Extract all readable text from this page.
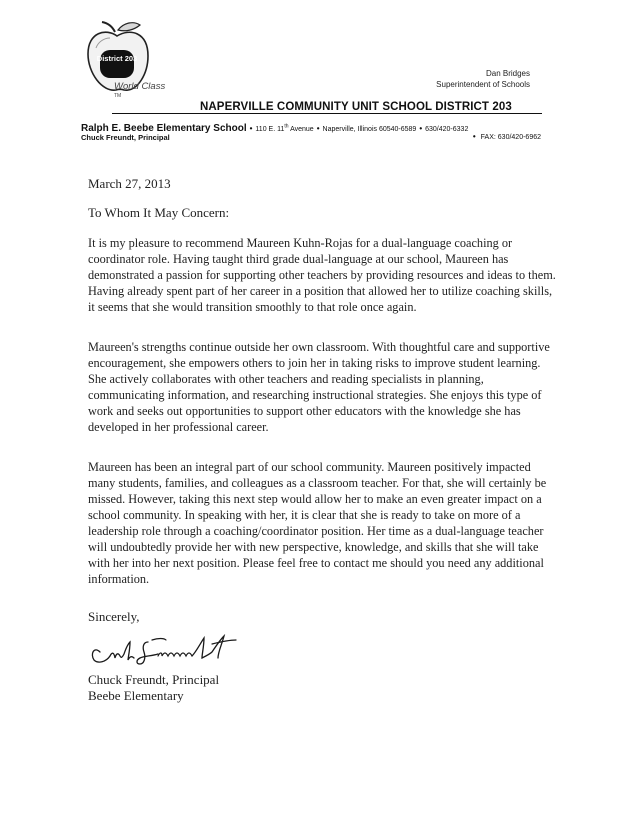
District 203
World Class
TM
Dan Bridges
Superintendent of Schools
NAPERVILLE COMMUNITY UNIT SCHOOL DISTRICT 203
Ralph E. Beebe Elementary School • 110 E. 11th Avenue • Naperville, Illinois 60540-6589 • 630/420-6332
Chuck Freundt, Principal	• FAX: 630/420-6962
March 27, 2013
To Whom It May Concern:

It is my pleasure to recommend Maureen Kuhn-Rojas for a dual-language coaching or coordinator role. Having taught third grade dual-language at our school, Maureen has demonstrated a passion for supporting other teachers by providing resources and ideas to them. Having already spent part of her career in a position that allowed her to utilize coaching skills, it seems that she would transition smoothly to that role once again.

Maureen's strengths continue outside her own classroom. With thoughtful care and supportive encouragement, she empowers others to join her in taking risks to improve student learning. She actively collaborates with other teachers and reading specialists in planning, communicating information, and researching instructional strategies. She enjoys this type of work and seeks out opportunities to support other educators with the knowledge she has developed in her professional career.

Maureen has been an integral part of our school community. Maureen positively impacted many students, families, and colleagues as a classroom teacher. For that, she will certainly be missed. However, taking this next step would allow her to make an even greater impact on a school community. In speaking with her, it is clear that she is ready to take on more of a leadership role through a coaching/coordinator position. Her time as a dual-language teacher will undoubtedly provide her with new perspective, knowledge, and skills that she will take with her into her next position. Please feel free to contact me should you need any additional information.

Sincerely,
Chuck Freundt, Principal
Beebe Elementary
